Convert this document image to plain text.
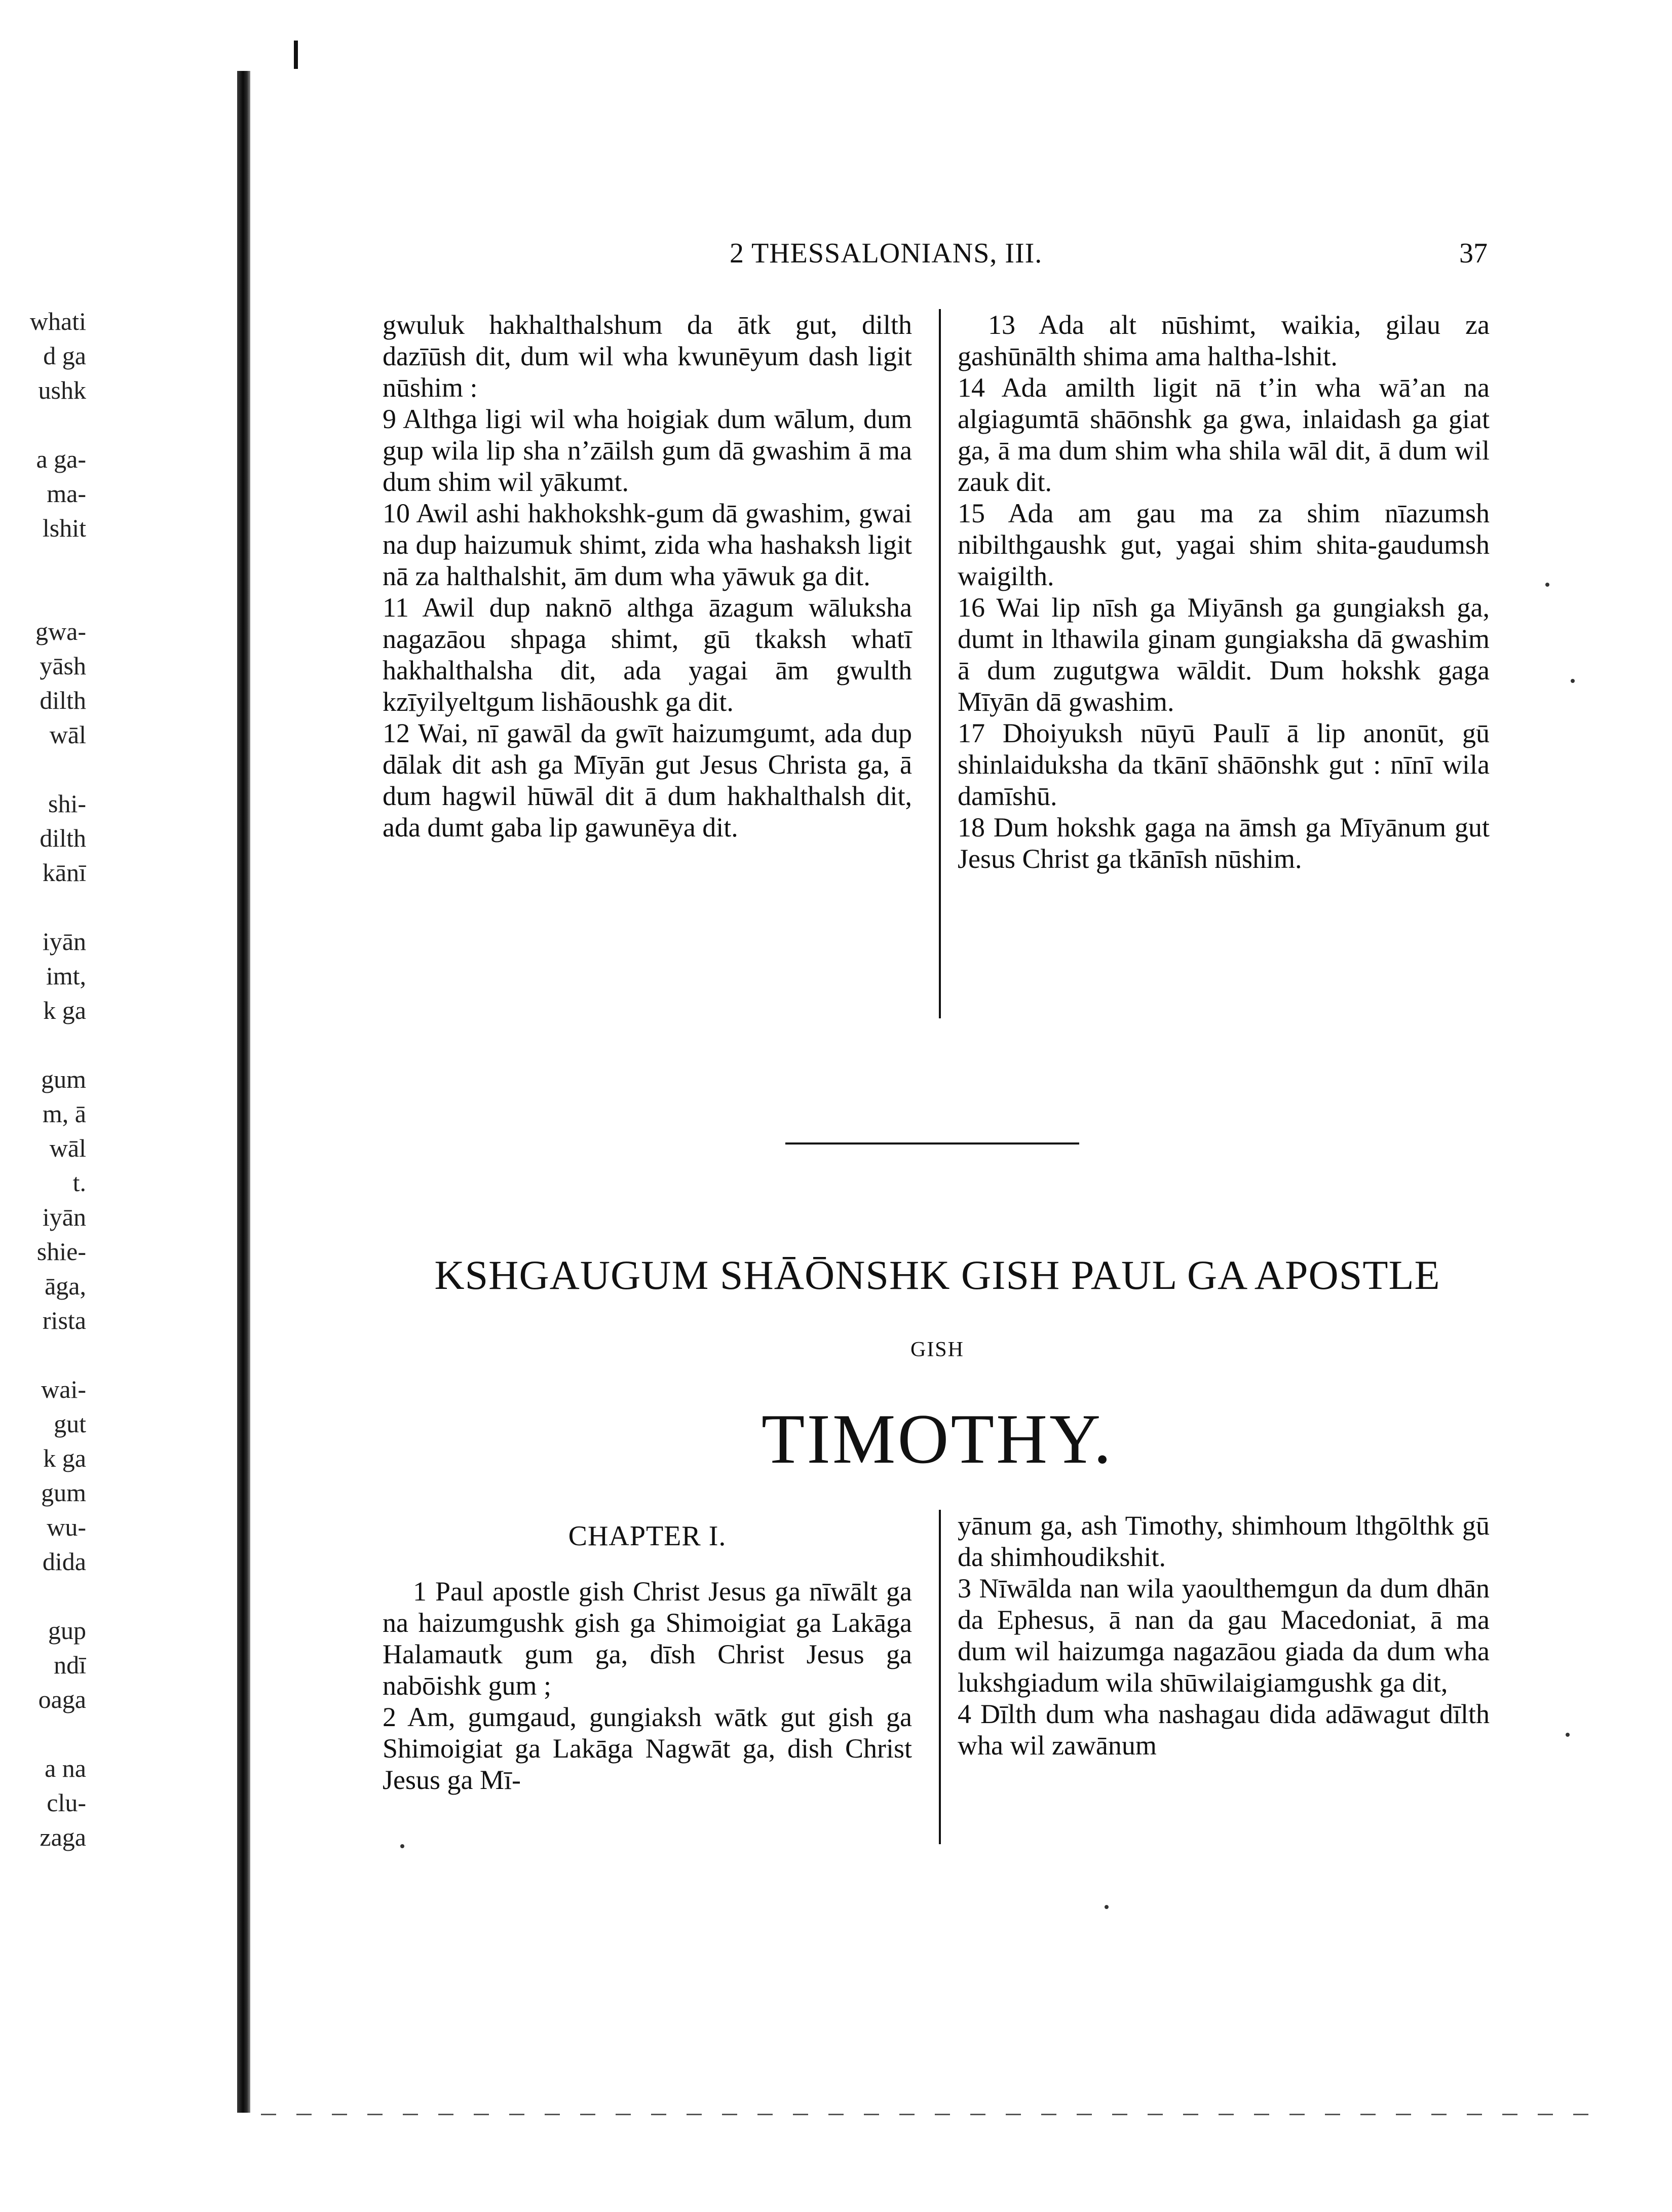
whati
d ga
ushk
a ga-
ma-
lshit
gwa-
yāsh
dilth
wāl
shi-
dilth
kānī
iyān
imt,
k ga
gum
m, ā
wāl
t.
iyān
shie-
āga,
rista
wai-
gut
k ga
gum
wu-
dida
gup
ndī
oaga
a na
clu-
zaga
2 THESSALONIANS, III.	37

gwuluk hakhalthalshum da ātk gut, dilth dazīūsh dit, dum wil wha kwunēyum dash ligit nūshim :

9 Althga ligi wil wha hoigiak dum wālum, dum gup wila lip sha n’zāilsh gum dā gwashim ā ma dum shim wil yākumt.

10 Awil ashi hakhokshk-gum dā gwashim, gwai na dup haizumuk shimt, zida wha hashaksh ligit nā za halthalshit, ām dum wha yāwuk ga dit.

11 Awil dup naknō althga āzagum wāluksha nagazāou shpaga shimt, gū tkaksh whatī hakhalthalsha dit, ada yagai ām gwulth kzīyilyeltgum lishāoushk ga dit.

12 Wai, nī gawāl da gwīt haizumgumt, ada dup dālak dit ash ga Mīyān gut Jesus Christa ga, ā dum hagwil hūwāl dit ā dum hakhalthalsh dit, ada dumt gaba lip gawunēya dit.

13 Ada alt nūshimt, waikia, gilau za gashūnālth shima ama haltha-lshit.

14 Ada amilth ligit nā t’in wha wā’an na algiagumtā shāōnshk ga gwa, inlaidash ga giat ga, ā ma dum shim wha shila wāl dit, ā dum wil zauk dit.

15 Ada am gau ma za shim nīazumsh nibilthgaushk gut, yagai shim shita-gaudumsh waigilth.

16 Wai lip nīsh ga Miyānsh ga gungiaksh ga, dumt in lthawila ginam gungiaksha dā gwashim ā dum zugutgwa wāldit. Dum hokshk gaga Mīyān dā gwashim.

17 Dhoiyuksh nūyū Paulī ā lip anonūt, gū shinlaiduksha da tkānī shāōnshk gut : nīnī wila damīshū.

18 Dum hokshk gaga na āmsh ga Mīyānum gut Jesus Christ ga tkānīsh nūshim.

KSHGAUGUM SHĀŌNSHK GISH PAUL GA APOSTLE
GISH
TIMOTHY.
CHAPTER I.

1 Paul apostle gish Christ Jesus ga nīwālt ga na haizumgushk gish ga Shimoigiat ga Lakāga Halamautk gum ga, dīsh Christ Jesus ga nabōishk gum ;

2 Am, gumgaud, gungiaksh wātk gut gish ga Shimoigiat ga Lakāga Nagwāt ga, dish Christ Jesus ga Mī-

yānum ga, ash Timothy, shimhoum lthgōlthk gū da shimhoudikshit.

3 Nīwālda nan wila yaoulthemgun da dum dhān da Ephesus, ā nan da gau Macedoniat, ā ma dum wil haizumga nagazāou giada da dum wha lukshgiadum wila shūwilaigiamgushk ga dit,

4 Dīlth dum wha nashagau dida adāwagut dīlth wha wil zawānum
